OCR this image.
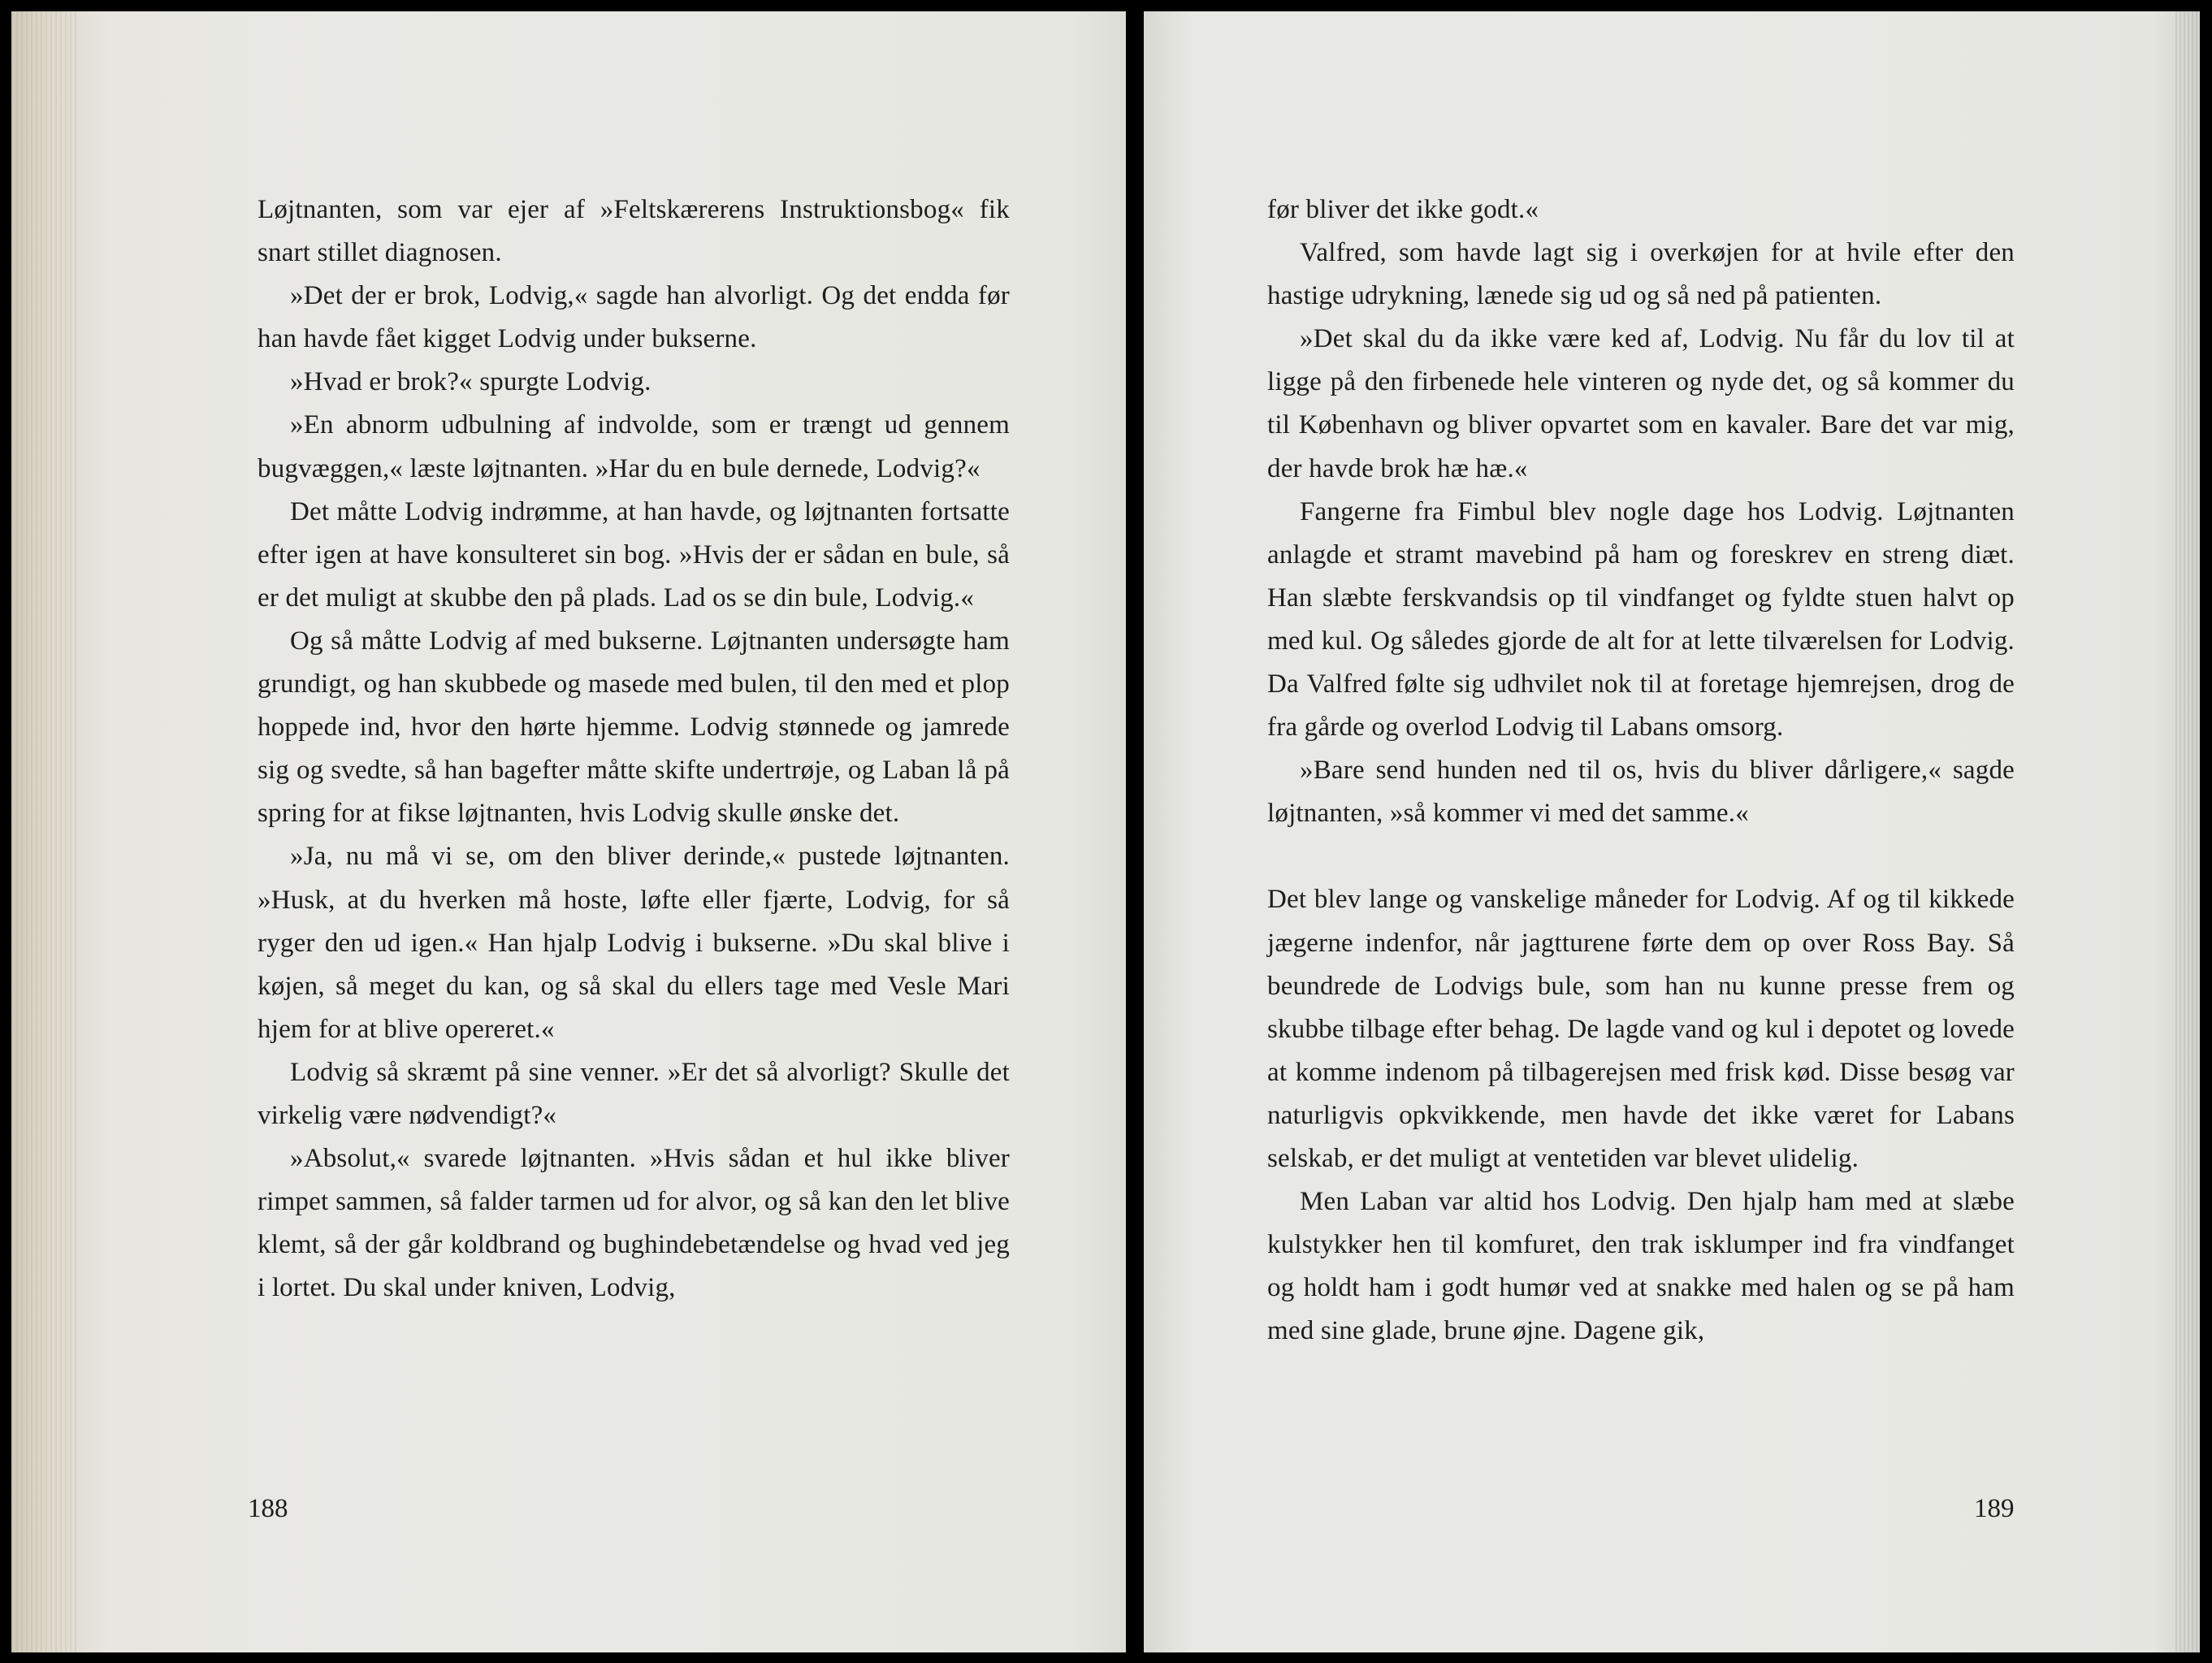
Løjtnanten, som var ejer af »Feltskærerens Instruktionsbog« fik snart stillet diagnosen.

»Det der er brok, Lodvig,« sagde han alvorligt. Og det endda før han havde fået kigget Lodvig under bukserne.

»Hvad er brok?« spurgte Lodvig.

»En abnorm udbulning af indvolde, som er trængt ud gennem bugvæggen,« læste løjtnanten. »Har du en bule dernede, Lodvig?«

Det måtte Lodvig indrømme, at han havde, og løjtnanten fortsatte efter igen at have konsulteret sin bog. »Hvis der er sådan en bule, så er det muligt at skubbe den på plads. Lad os se din bule, Lodvig.«

Og så måtte Lodvig af med bukserne. Løjtnanten undersøgte ham grundigt, og han skubbede og masede med bulen, til den med et plop hoppede ind, hvor den hørte hjemme. Lodvig stønnede og jamrede sig og svedte, så han bagefter måtte skifte undertrøje, og Laban lå på spring for at fikse løjtnanten, hvis Lodvig skulle ønske det.

»Ja, nu må vi se, om den bliver derinde,« pustede løjtnanten. »Husk, at du hverken må hoste, løfte eller fjærte, Lodvig, for så ryger den ud igen.« Han hjalp Lodvig i bukserne. »Du skal blive i køjen, så meget du kan, og så skal du ellers tage med Vesle Mari hjem for at blive opereret.«

Lodvig så skræmt på sine venner. »Er det så alvorligt? Skulle det virkelig være nødvendigt?«

»Absolut,« svarede løjtnanten. »Hvis sådan et hul ikke bliver rimpet sammen, så falder tarmen ud for alvor, og så kan den let blive klemt, så der går koldbrand og bughindebetændelse og hvad ved jeg i lortet. Du skal under kniven, Lodvig,

188

før bliver det ikke godt.«

Valfred, som havde lagt sig i overkøjen for at hvile efter den hastige udrykning, lænede sig ud og så ned på patienten.

»Det skal du da ikke være ked af, Lodvig. Nu får du lov til at ligge på den firbenede hele vinteren og nyde det, og så kommer du til København og bliver opvartet som en kavaler. Bare det var mig, der havde brok hæ hæ.«

Fangerne fra Fimbul blev nogle dage hos Lodvig. Løjtnanten anlagde et stramt mavebind på ham og foreskrev en streng diæt. Han slæbte ferskvandsis op til vindfanget og fyldte stuen halvt op med kul. Og således gjorde de alt for at lette tilværelsen for Lodvig. Da Valfred følte sig udhvilet nok til at foretage hjemrejsen, drog de fra gårde og overlod Lodvig til Labans omsorg.

»Bare send hunden ned til os, hvis du bliver dårligere,« sagde løjtnanten, »så kommer vi med det samme.«

Det blev lange og vanskelige måneder for Lodvig. Af og til kikkede jægerne indenfor, når jagtturene førte dem op over Ross Bay. Så beundrede de Lodvigs bule, som han nu kunne presse frem og skubbe tilbage efter behag. De lagde vand og kul i depotet og lovede at komme indenom på tilbagerejsen med frisk kød. Disse besøg var naturligvis opkvikkende, men havde det ikke været for Labans selskab, er det muligt at ventetiden var blevet ulidelig.

Men Laban var altid hos Lodvig. Den hjalp ham med at slæbe kulstykker hen til komfuret, den trak isklumper ind fra vindfanget og holdt ham i godt humør ved at snakke med halen og se på ham med sine glade, brune øjne. Dagene gik,

189
